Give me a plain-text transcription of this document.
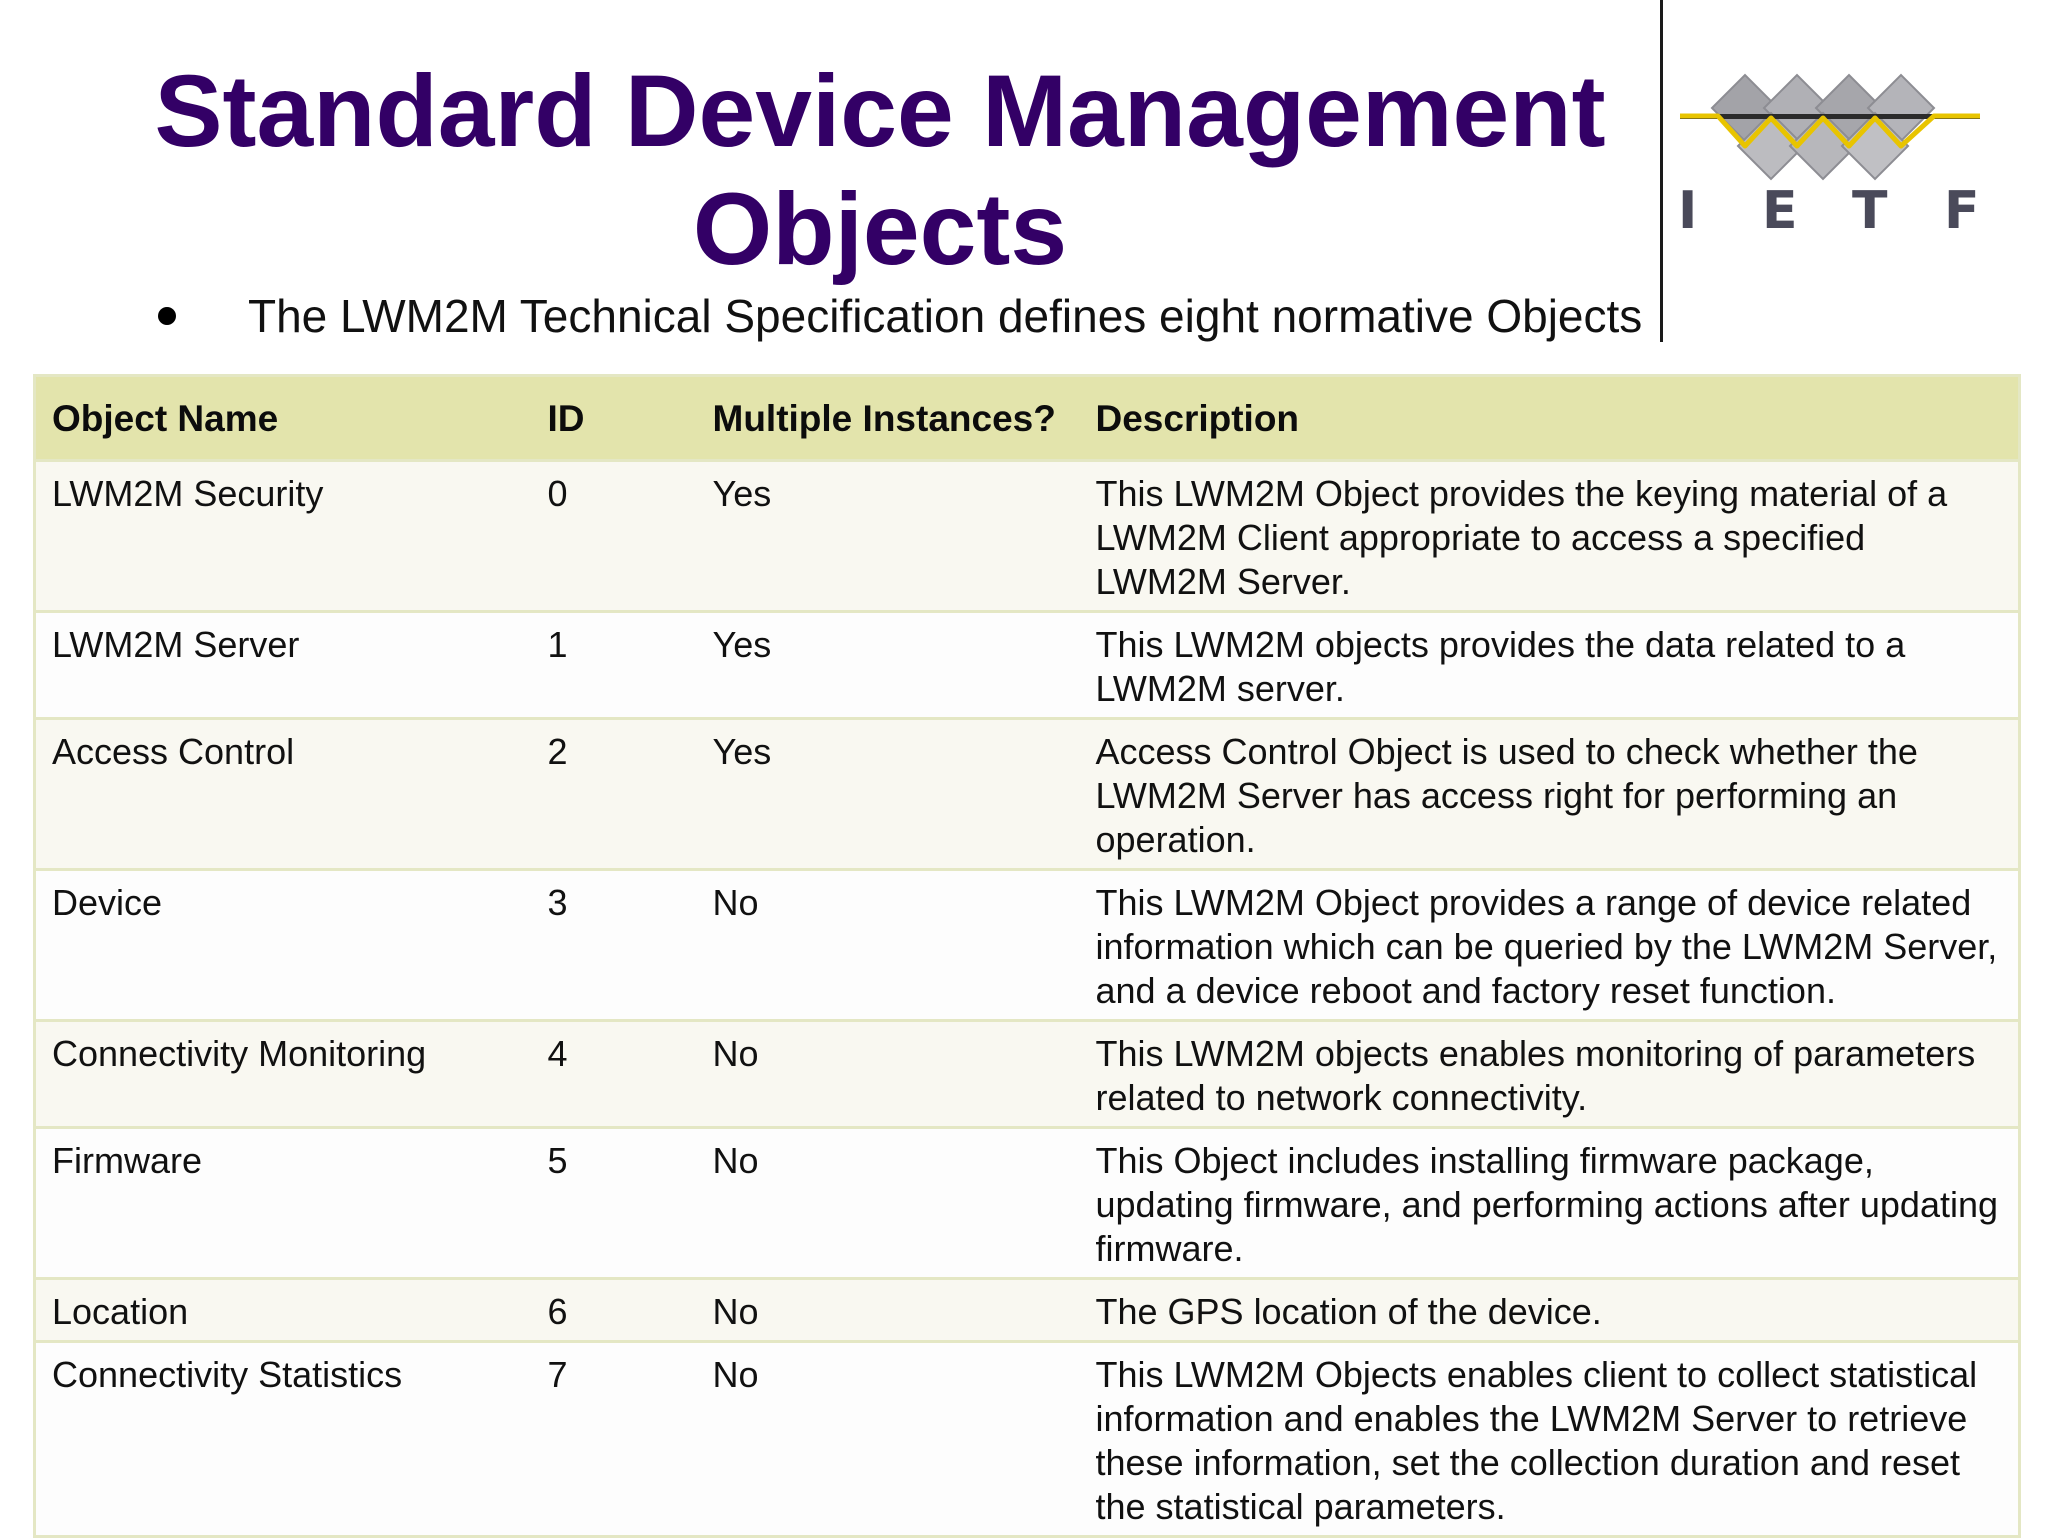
Standard Device Management
Objects	I E T F
The LWM2M Technical Specification defines eight normative Objects
Object Name	ID	Multiple Instances?	Description
LWM2M Security	0	Yes	This LWM2M Object provides the keying material of a LWM2M Client appropriate to access a specified LWM2M Server.
LWM2M Server	1	Yes	This LWM2M objects provides the data related to a LWM2M server.
Access Control	2	Yes	Access Control Object is used to check whether the LWM2M Server has access right for performing an operation.
Device	3	No	This LWM2M Object provides a range of device related information which can be queried by the LWM2M Server, and a device reboot and factory reset function.
Connectivity Monitoring	4	No	This LWM2M objects enables monitoring of parameters related to network connectivity.
Firmware	5	No	This Object includes installing firmware package, updating firmware, and performing actions after updating firmware.
Location	6	No	The GPS location of the device.
Connectivity Statistics	7	No	This LWM2M Objects enables client to collect statistical information and enables the LWM2M Server to retrieve these information, set the collection duration and reset the statistical parameters.
